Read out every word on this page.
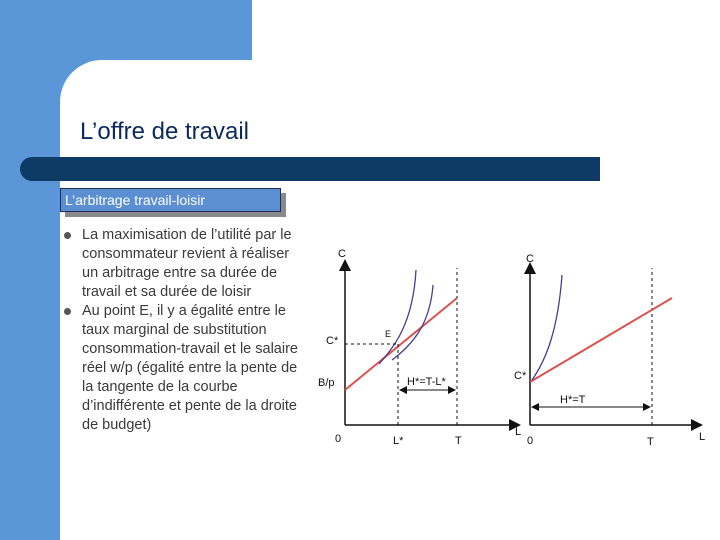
L’offre de travail
L’arbitrage travail-loisir
La maximisation de l’utilité par le consommateur revient à réaliser un arbitrage entre sa durée de travail et sa durée de loisir
Au point E, il y a égalité entre le taux marginal de substitution consommation-travail et le salaire réel w/p (égalité entre la pente de la tangente de la courbe d’indifférente et pente de la droite de budget)
C
L
0
E
C*
B/p
L*	T
H*=T-L*
C
L
0
C*
T
H*=T
